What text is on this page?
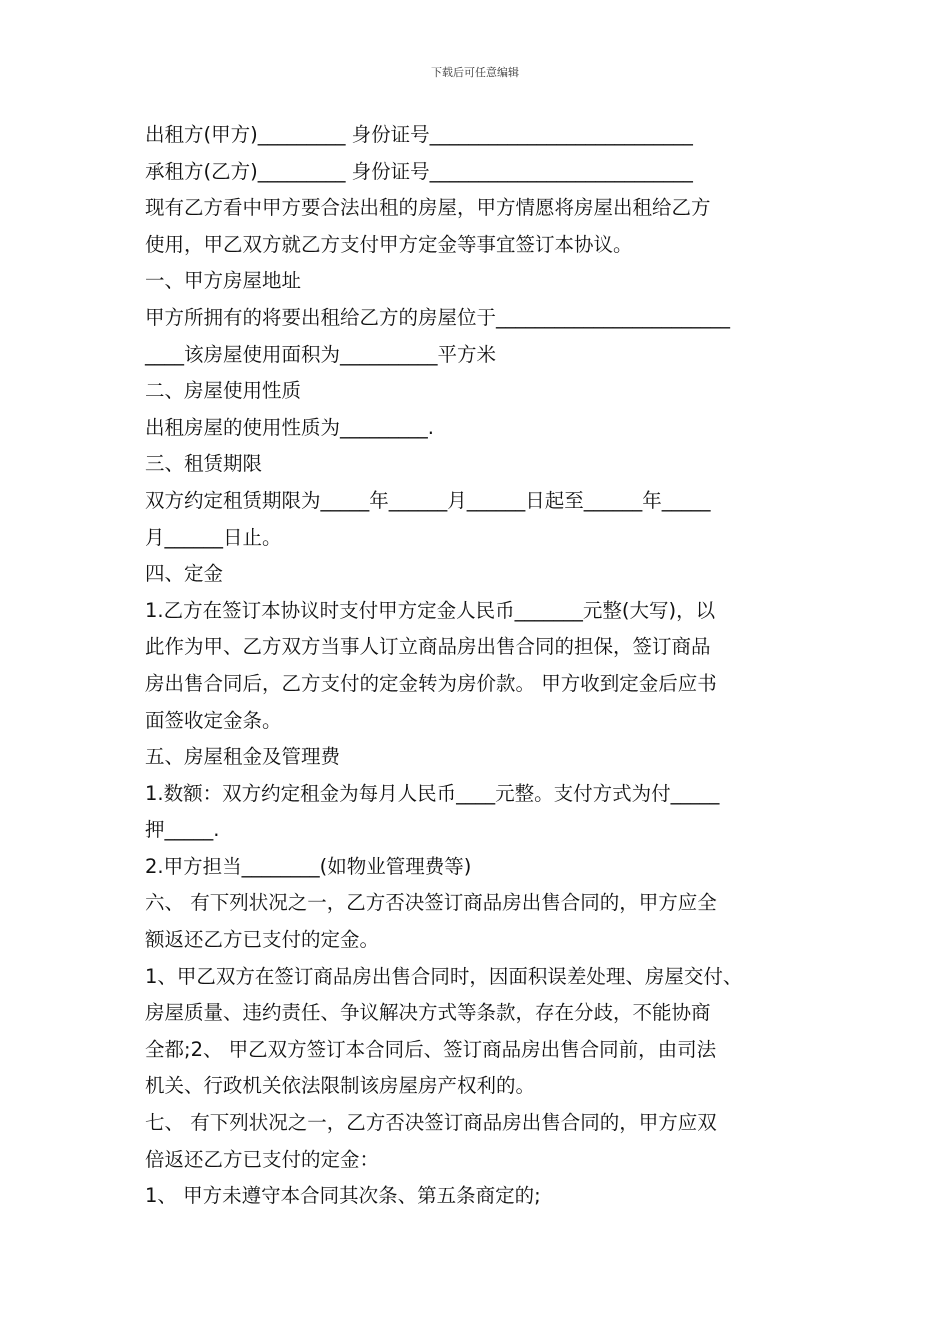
下载后可任意编辑
出租方(甲方)_________ 身份证号___________________________
承租方(乙方)_________ 身份证号___________________________
现有乙方看中甲方要合法出租的房屋，甲方情愿将房屋出租给乙方
使用，甲乙双方就乙方支付甲方定金等事宜签订本协议。
一、甲方房屋地址
甲方所拥有的将要出租给乙方的房屋位于________________________
____该房屋使用面积为__________平方米
二、房屋使用性质
出租房屋的使用性质为_________.
三、租赁期限
双方约定租赁期限为_____年______月______日起至______年_____
月______日止。
四、定金
1.乙方在签订本协议时支付甲方定金人民币_______元整(大写)，以
此作为甲、乙方双方当事人订立商品房出售合同的担保，签订商品
房出售合同后，乙方支付的定金转为房价款。 甲方收到定金后应书
面签收定金条。
五、房屋租金及管理费
1.数额：双方约定租金为每月人民币____元整。支付方式为付_____
押_____.
2.甲方担当________(如物业管理费等)
六、 有下列状况之一，乙方否决签订商品房出售合同的，甲方应全
额返还乙方已支付的定金。
1、甲乙双方在签订商品房出售合同时，因面积误差处理、房屋交付、
房屋质量、违约责任、争议解决方式等条款，存在分歧，不能协商
全都;2、 甲乙双方签订本合同后、签订商品房出售合同前，由司法
机关、行政机关依法限制该房屋房产权利的。
七、 有下列状况之一，乙方否决签订商品房出售合同的，甲方应双
倍返还乙方已支付的定金：
1、 甲方未遵守本合同其次条、第五条商定的;
